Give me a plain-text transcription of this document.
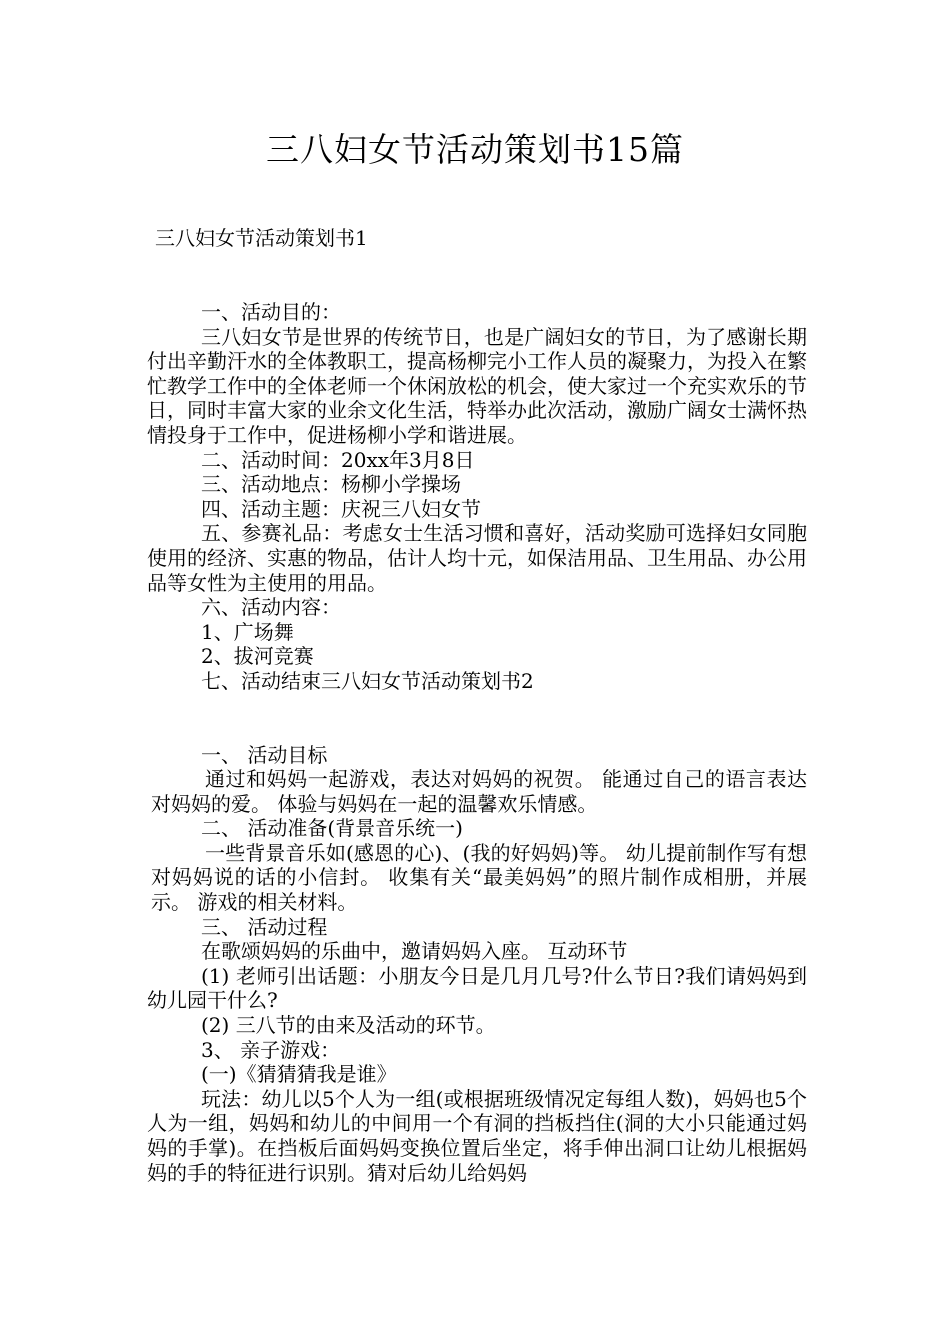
三八妇女节活动策划书15篇
三八妇女节活动策划书1

一、活动目的：

三八妇女节是世界的传统节日，也是广阔妇女的节日，为了感谢长期付出辛勤汗水的全体教职工，提高杨柳完小工作人员的凝聚力，为投入在繁忙教学工作中的全体老师一个休闲放松的机会，使大家过一个充实欢乐的节日，同时丰富大家的业余文化生活，特举办此次活动，激励广阔女士满怀热情投身于工作中，促进杨柳小学和谐进展。

二、活动时间：20xx年3月8日

三、活动地点：杨柳小学操场

四、活动主题：庆祝三八妇女节

五、参赛礼品：考虑女士生活习惯和喜好，活动奖励可选择妇女同胞使用的经济、实惠的物品，估计人均十元，如保洁用品、卫生用品、办公用品等女性为主使用的用品。

六、活动内容：

1、广场舞

2、拔河竞赛

七、活动结束三八妇女节活动策划书2

一、 活动目标

通过和妈妈一起游戏，表达对妈妈的祝贺。 能通过自己的语言表达对妈妈的爱。 体验与妈妈在一起的温馨欢乐情感。

二、 活动准备(背景音乐统一)

一些背景音乐如(感恩的心)、(我的好妈妈)等。 幼儿提前制作写有想对妈妈说的话的小信封。 收集有关“最美妈妈”的照片制作成相册，并展示。 游戏的相关材料。

三、 活动过程

在歌颂妈妈的乐曲中，邀请妈妈入座。 互动环节

(1) 老师引出话题：小朋友今日是几月几号?什么节日?我们请妈妈到幼儿园干什么?

(2) 三八节的由来及活动的环节。

3、 亲子游戏：

(一)《猜猜猜我是谁》

玩法：幼儿以5个人为一组(或根据班级情况定每组人数)，妈妈也5个人为一组，妈妈和幼儿的中间用一个有洞的挡板挡住(洞的大小只能通过妈妈的手掌)。在挡板后面妈妈变换位置后坐定，将手伸出洞口让幼儿根据妈妈的手的特征进行识别。猜对后幼儿给妈妈
